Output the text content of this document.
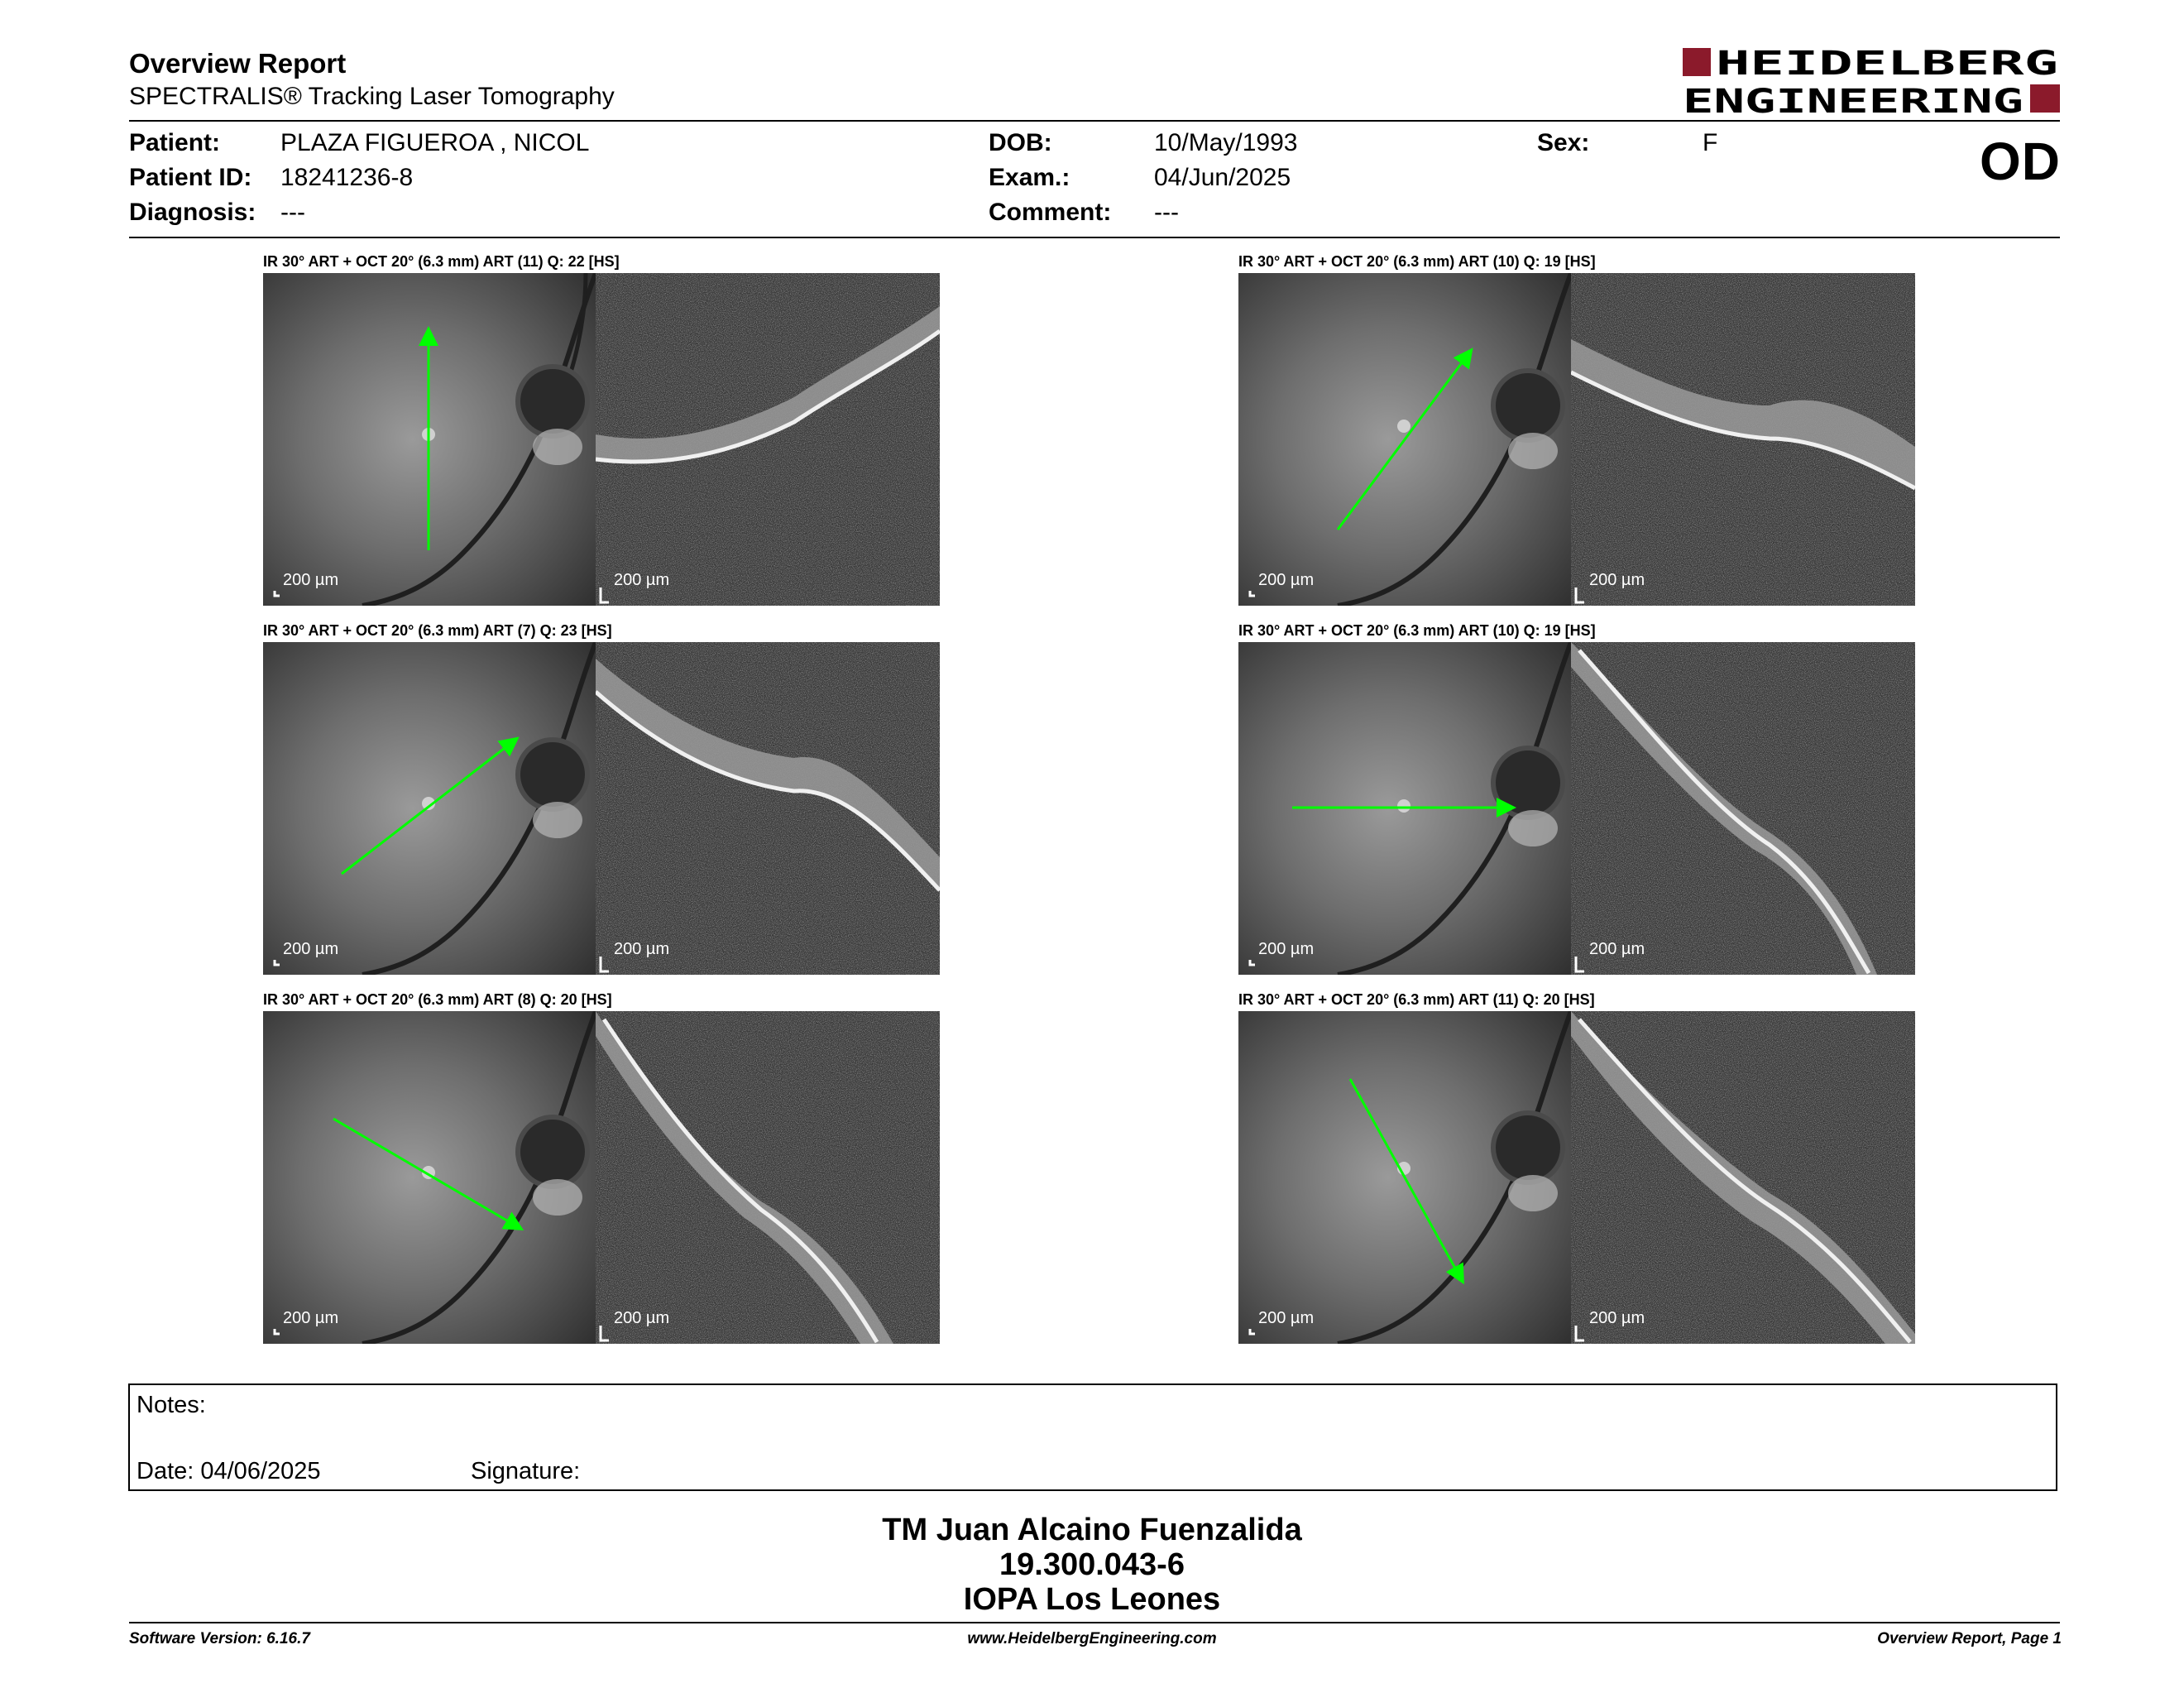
Overview Report
SPECTRALIS® Tracking Laser Tomography
HEIDELBERG
ENGINEERING
Patient: PLAZA FIGUEROA , NICOL
Patient ID: 18241236-8
Diagnosis: ---
DOB:	10/May/1993
Exam.:	04/Jun/2025
Comment: ---
Sex:	F	OD
IR 30° ART + OCT 20° (6.3 mm) ART (11) Q: 22 [HS]
200 µm	200 µm
IR 30° ART + OCT 20° (6.3 mm) ART (10) Q: 19 [HS]
200 µm	200 µm
IR 30° ART + OCT 20° (6.3 mm) ART (7) Q: 23 [HS]
200 µm	200 µm
IR 30° ART + OCT 20° (6.3 mm) ART (10) Q: 19 [HS]
200 µm	200 µm
IR 30° ART + OCT 20° (6.3 mm) ART (8) Q: 20 [HS]
200 µm	200 µm
IR 30° ART + OCT 20° (6.3 mm) ART (11) Q: 20 [HS]
200 µm	200 µm
Notes:
Date: 04/06/2025	Signature:
TM Juan Alcaino Fuenzalida
19.300.043-6
IOPA Los Leones
Software Version: 6.16.7	www.HeidelbergEngineering.com	Overview Report, Page 1
